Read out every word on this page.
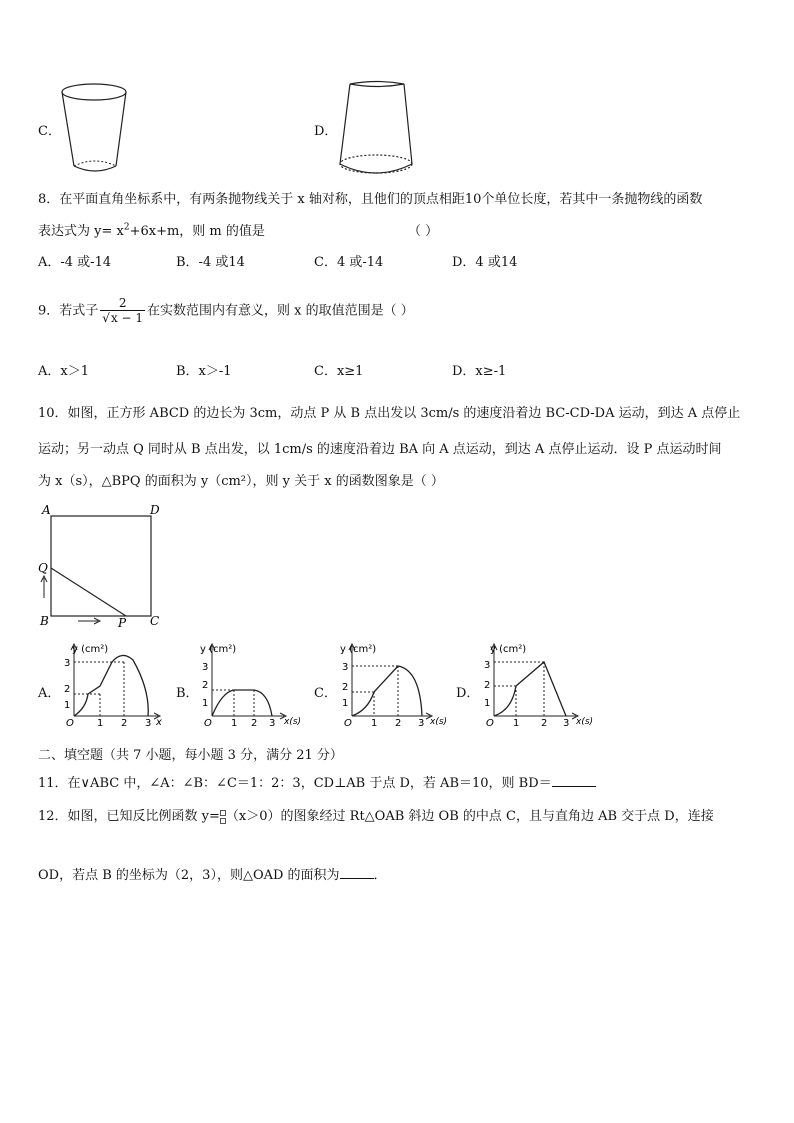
C．	D．
8．在平面直角坐标系中，有两条抛物线关于 x 轴对称，且他们的顶点相距10个单位长度，若其中一条抛物线的函数
表达式为 $y= x^2+6x+m$，则 m 的值是	（ ）
A．-4 或-14	B．-4 或14	C．4 或-14	D．4 或14
9．若式子 $\frac{2}{√x - 1}$ 在实数范围内有意义，则 x 的取值范围是（ ）
A．x＞1	B．x＞-1	C．x≥1	D．x≥-1
10．如图，正方形 ABCD 的边长为 3cm，动点 P 从 B 点出发以 3cm/s 的速度沿着边 BC-CD-DA 运动，到达 A 点停止
运动；另一动点 Q 同时从 B 点出发，以 1cm/s 的速度沿着边 BA 向 A 点运动，到达 A 点停止运动．设 P 点运动时间
为 x（s），△BPQ 的面积为 y（cm²），则 y 关于 x 的函数图象是（ ）
A	D
Q
B	P C
A．	B．	C．	D．
y (cm²)
x
O 1 2 3
1
2
3
y (cm²)
x(s)
O 1 2 3
1
2
3
y (cm²)
x(s)
O 1 2 3
1
2
3
y (cm²)
x(s)
O 1 2 3
1
2
3
二、填空题（共 7 小题，每小题 3 分，满分 21 分）
11．在∨ABC 中，∠A：∠B：∠C＝1：2：3，CD⊥AB 于点 D，若 AB＝10，则 BD＝
12．如图，已知反比例函数 y= （x＞0）的图象经过 Rt△OAB 斜边 OB 的中点 C，且与直角边 AB 交于点 D，连接
OD，若点 B 的坐标为（2，3），则△OAD 的面积为	．
